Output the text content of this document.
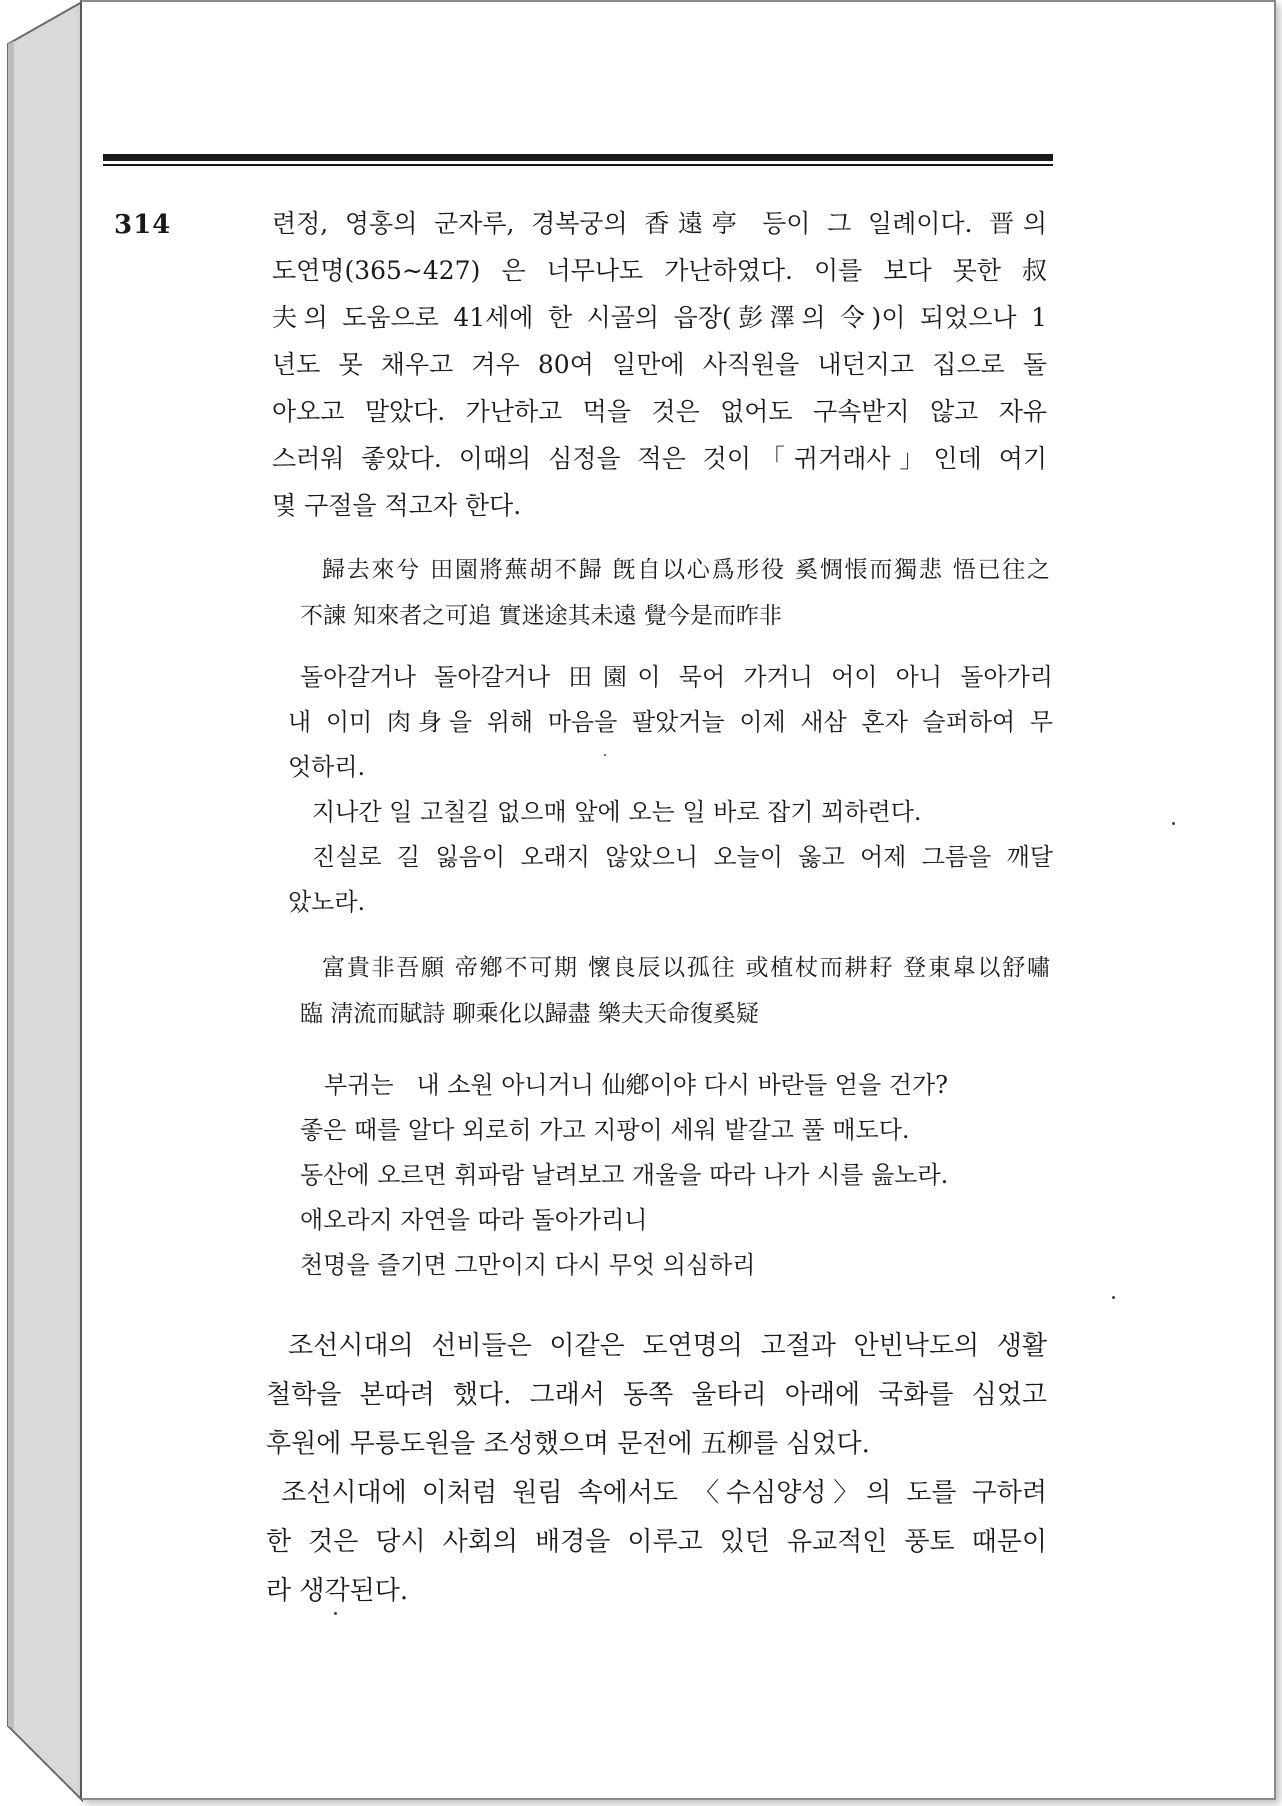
314	련정, 영홍의 군자루, 경복궁의 香遠亭 등이 그 일례이다. 晋의
도연명(365∼427) 은 너무나도 가난하였다. 이를 보다 못한 叔
夫의 도움으로 41세에 한 시골의 읍장(彭澤의 令)이 되었으나 1
년도 못 채우고 겨우 80여 일만에 사직원을 내던지고 집으로 돌
아오고 말았다. 가난하고 먹을 것은 없어도 구속받지 않고 자유
스러워 좋았다. 이때의 심정을 적은 것이「귀거래사」인데 여기
몇 구절을 적고자 한다.
歸去來兮 田園將蕪胡不歸 旣自以心爲形役 奚惆悵而獨悲 悟已往之
不諫 知來者之可追 實迷途其未遠 覺今是而昨非
돌아갈거나 돌아갈거나 田園이 묵어 가거니 어이 아니 돌아가리
내 이미 肉身을 위해 마음을 팔았거늘 이제 새삼 혼자 슬퍼하여 무
엇하리.
지나간 일 고칠길 없으매 앞에 오는 일 바로 잡기 꾀하련다.
진실로 길 잃음이 오래지 않았으니 오늘이 옳고 어제 그름을 깨달
았노라.
富貴非吾願 帝鄕不可期 懷良辰以孤往 或植杖而耕耔 登東皐以舒嘯
臨 淸流而賦詩 聊乘化以歸盡 樂夫天命復奚疑
부귀는   내 소원 아니거니 仙鄕이야 다시 바란들 얻을 건가?
좋은 때를 알다 외로히 가고 지팡이 세워 밭갈고 풀 매도다.
동산에 오르면 휘파람 날려보고 개울을 따라 나가 시를 읊노라.
애오라지 자연을 따라 돌아가리니
천명을 즐기면 그만이지 다시 무엇 의심하리
조선시대의 선비들은 이같은 도연명의 고절과 안빈낙도의 생활
철학을 본따려 했다. 그래서 동쪽 울타리 아래에 국화를 심었고
후원에 무릉도원을 조성했으며 문전에 五柳를 심었다.
조선시대에 이처럼 원림 속에서도 〈수심양성〉의 도를 구하려
한 것은 당시 사회의 배경을 이루고 있던 유교적인 풍토 때문이
라 생각된다.
